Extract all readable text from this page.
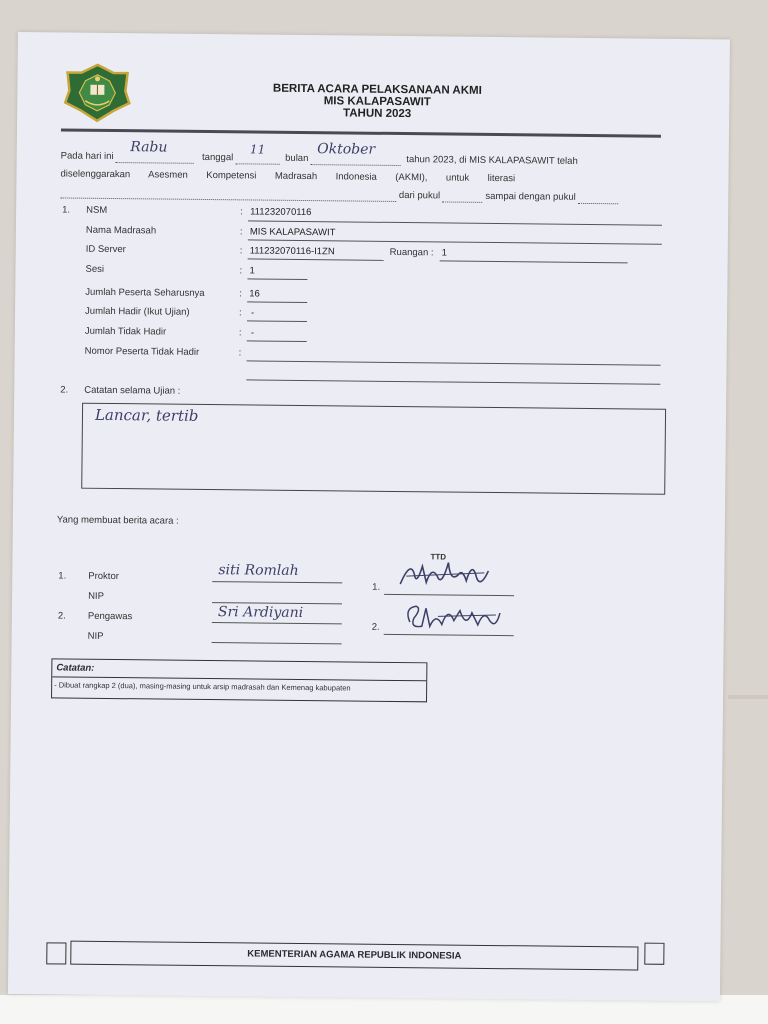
BERITA ACARA PELAKSANAAN AKMI
MIS KALAPASAWIT
TAHUN 2023
Pada hari ini
Rabu
tanggal
11
bulan
Oktober
tahun 2023, di MIS KALAPASAWIT telah
diselenggarakan       Asesmen       Kompetensi       Madrasah       Indonesia       (AKMI),       untuk       literasi
dari pukul	sampai dengan pukul
1. NSM	: 111232070116
Nama Madrasah	: MIS KALAPASAWIT
ID Server	: 111232070116-I1ZN	Ruangan : 1
Sesi	: 1
Jumlah Peserta Seharusnya	: 16
Jumlah Hadir (Ikut Ujian)	: -
Jumlah Tidak Hadir	: -
Nomor Peserta Tidak Hadir	:
2. Catatan selama Ujian :
Lancar, tertib
Yang membuat berita acara :
TTD
1. Proktor	siti Romlah
NIP
2. Pengawas	Sri Ardiyani
NIP
1.
2.
Catatan:
- Dibuat rangkap 2 (dua), masing-masing untuk arsip madrasah dan Kemenag kabupaten
KEMENTERIAN AGAMA REPUBLIK INDONESIA
